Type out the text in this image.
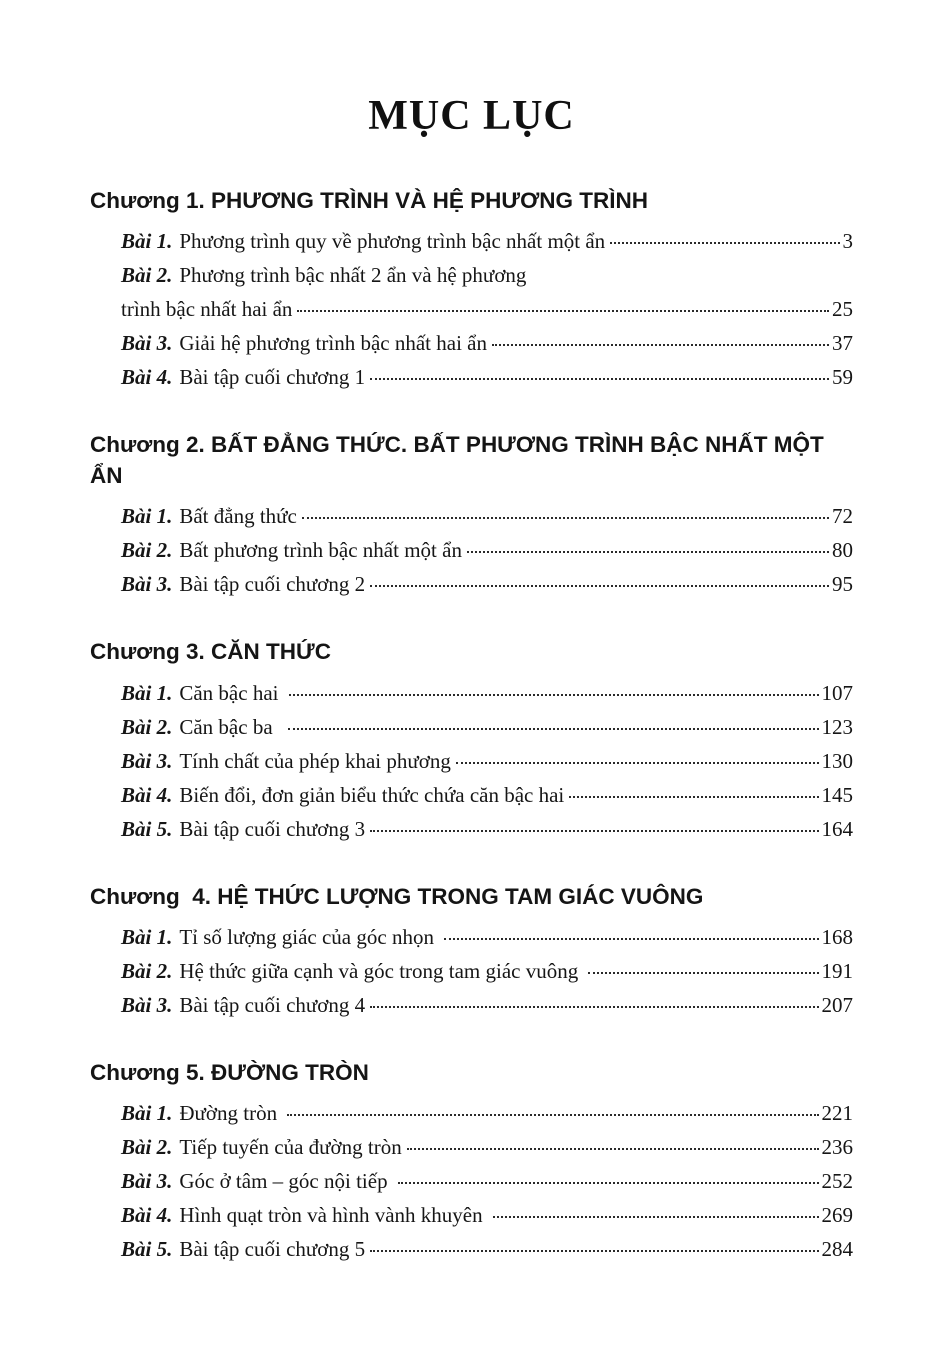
MỤC LỤC
Chương 1. PHƯƠNG TRÌNH VÀ HỆ PHƯƠNG TRÌNH
Bài 1. Phương trình quy về phương trình bậc nhất một ẩn	3
Bài 2. Phương trình bậc nhất 2 ẩn và hệ phương
trình bậc nhất hai ẩn	25
Bài 3. Giải hệ phương trình bậc nhất hai ẩn	37
Bài 4. Bài tập cuối chương 1	59
Chương 2. BẤT ĐẲNG THỨC. BẤT PHƯƠNG TRÌNH BẬC NHẤT MỘT ẨN
Bài 1. Bất đẳng thức	72
Bài 2. Bất phương trình bậc nhất một ẩn	80
Bài 3. Bài tập cuối chương 2	95
Chương 3. CĂN THỨC
Bài 1. Căn bậc hai	107
Bài 2. Căn bậc ba	123
Bài 3. Tính chất của phép khai phương	130
Bài 4. Biến đổi, đơn giản biểu thức chứa căn bậc hai	145
Bài 5. Bài tập cuối chương 3	164
Chương  4. HỆ THỨC LƯỢNG TRONG TAM GIÁC VUÔNG
Bài 1. Tỉ số lượng giác của góc nhọn	168
Bài 2. Hệ thức giữa cạnh và góc trong tam giác vuông	191
Bài 3. Bài tập cuối chương 4	207
Chương 5. ĐƯỜNG TRÒN
Bài 1. Đường tròn	221
Bài 2. Tiếp tuyến của đường tròn	236
Bài 3. Góc ở tâm – góc nội tiếp	252
Bài 4. Hình quạt tròn và hình vành khuyên	269
Bài 5. Bài tập cuối chương 5	284
